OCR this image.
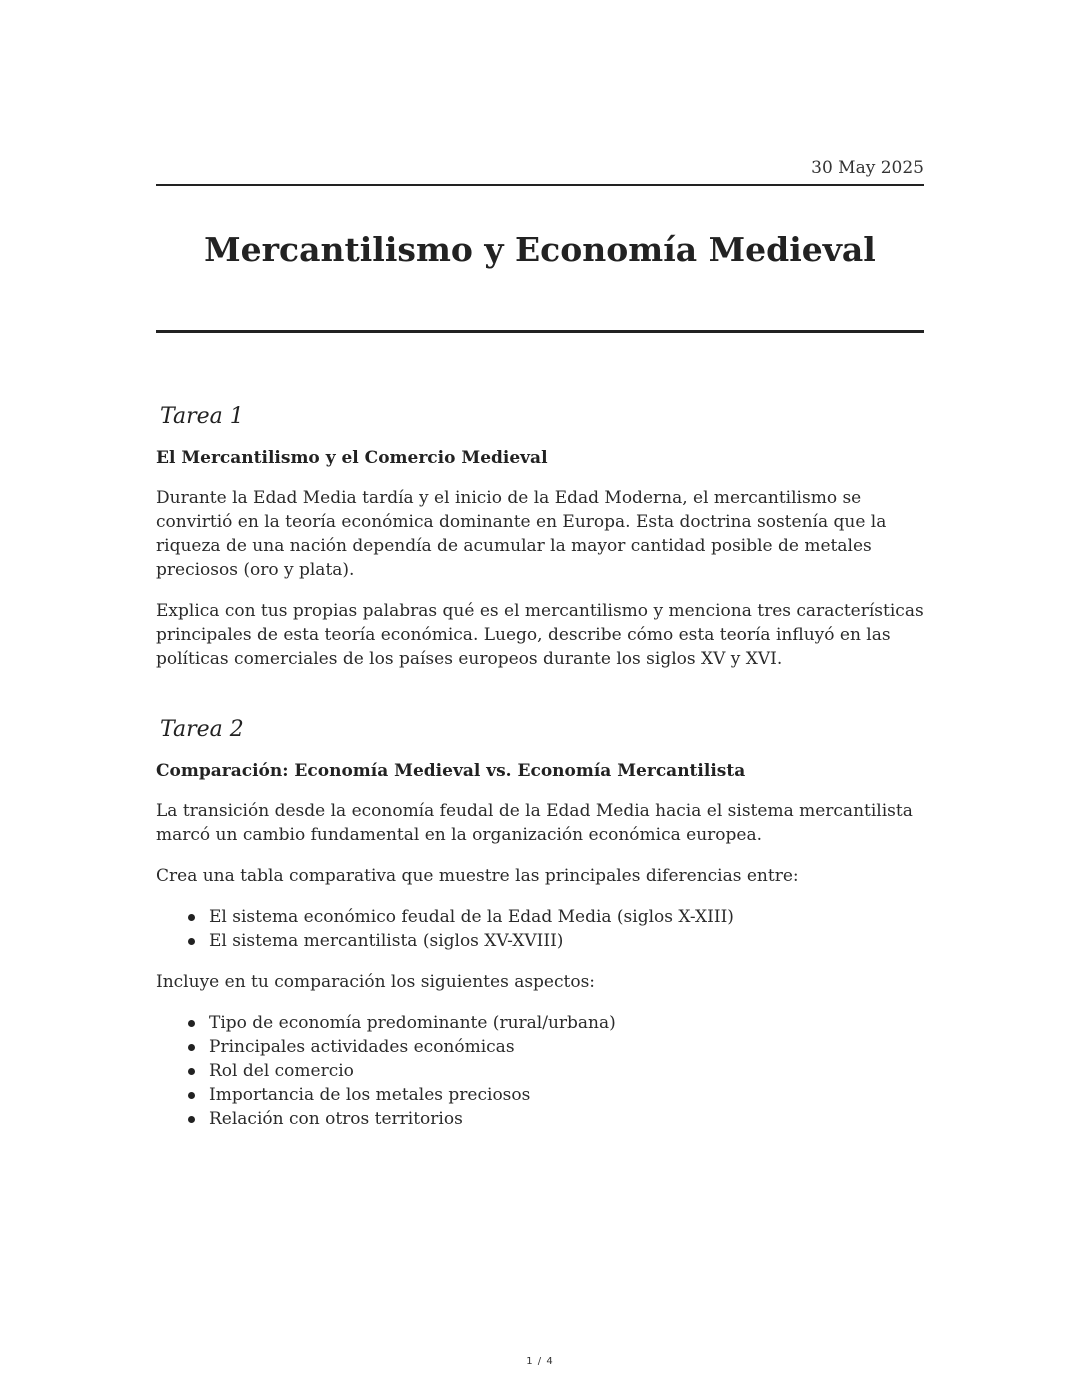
30 May 2025
Mercantilismo y Economía Medieval
Tarea 1
El Mercantilismo y el Comercio Medieval

Durante la Edad Media tardía y el inicio de la Edad Moderna, el mercantilismo se convirtió en la teoría económica dominante en Europa. Esta doctrina sostenía que la riqueza de una nación dependía de acumular la mayor cantidad posible de metales preciosos (oro y plata).

Explica con tus propias palabras qué es el mercantilismo y menciona tres características principales de esta teoría económica. Luego, describe cómo esta teoría influyó en las políticas comerciales de los países europeos durante los siglos XV y XVI.

Tarea 2
Comparación: Economía Medieval vs. Economía Mercantilista

La transición desde la economía feudal de la Edad Media hacia el sistema mercantilista marcó un cambio fundamental en la organización económica europea.

Crea una tabla comparativa que muestre las principales diferencias entre:

El sistema económico feudal de la Edad Media (siglos X-XIII)
El sistema mercantilista (siglos XV-XVIII)

Incluye en tu comparación los siguientes aspectos:

Tipo de economía predominante (rural/urbana)
Principales actividades económicas
Rol del comercio
Importancia de los metales preciosos
Relación con otros territorios
1 / 4
